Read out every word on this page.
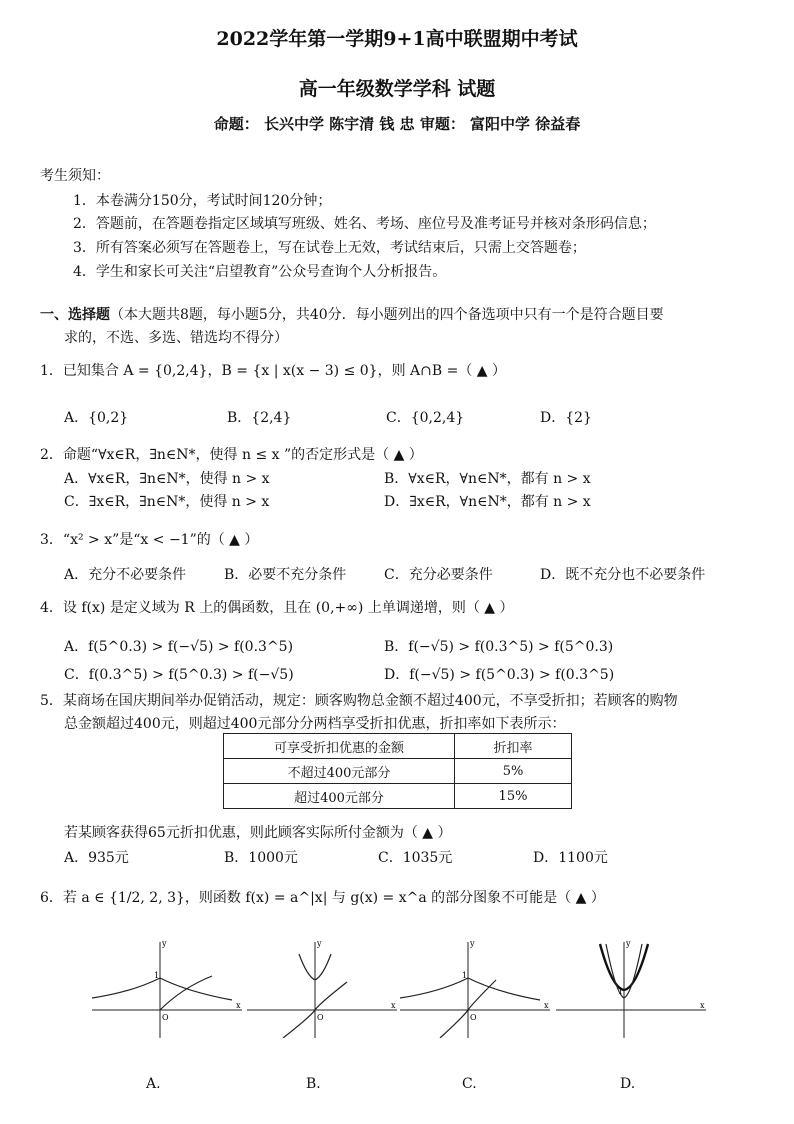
2022学年第一学期9+1高中联盟期中考试
高一年级数学学科 试题
命题： 长兴中学 陈宇清 钱 忠 审题： 富阳中学 徐益春
考生须知：
1．本卷满分150分，考试时间120分钟；
2．答题前，在答题卷指定区域填写班级、姓名、考场、座位号及准考证号并核对条形码信息；
3．所有答案必须写在答题卷上，写在试卷上无效，考试结束后，只需上交答题卷；
4．学生和家长可关注“启望教育”公众号查询个人分析报告。
一、选择题（本大题共8题，每小题5分，共40分．每小题列出的四个备选项中只有一个是符合题目要
求的，不选、多选、错选均不得分）
1．已知集合 A = {0,2,4}，B = {x | x(x − 3) ≤ 0}，则 A∩B =（ ▲ ）
A．{0,2}	B．{2,4}	C．{0,2,4}	D．{2}
2．命题“∀x∈R，∃n∈N*，使得 n ≤ x ”的否定形式是（ ▲ ）
A．∀x∈R，∃n∈N*，使得 n > x	B．∀x∈R，∀n∈N*，都有 n > x
C．∃x∈R，∃n∈N*，使得 n > x	D．∃x∈R，∀n∈N*，都有 n > x
3．“x² > x”是“x < −1”的（ ▲ ）
A．充分不必要条件	B．必要不充分条件	C．充分必要条件	D．既不充分也不必要条件
4．设 f(x) 是定义域为 R 上的偶函数，且在 (0,+∞) 上单调递增，则（ ▲ ）
A．f(5^0.3) > f(−√5) > f(0.3^5)	B．f(−√5) > f(0.3^5) > f(5^0.3)
C．f(0.3^5) > f(5^0.3) > f(−√5)	D．f(−√5) > f(5^0.3) > f(0.3^5)
5．某商场在国庆期间举办促销活动，规定：顾客购物总金额不超过400元，不享受折扣；若顾客的购物
总金额超过400元，则超过400元部分分两档享受折扣优惠，折扣率如下表所示：
可享受折扣优惠的金额	折扣率
不超过400元部分	5%
超过400元部分	15%
若某顾客获得65元折扣优惠，则此顾客实际所付金额为（ ▲ ）
A．935元	B．1000元	C．1035元	D．1100元
6．若 a ∈ {1/2, 2, 3}，则函数 f(x) = a^|x| 与 g(x) = x^a 的部分图象不可能是（ ▲ ）
y
x
O
1
y
x
O
y
x
O
1
y
x
1
A.	B.	C.	D.
